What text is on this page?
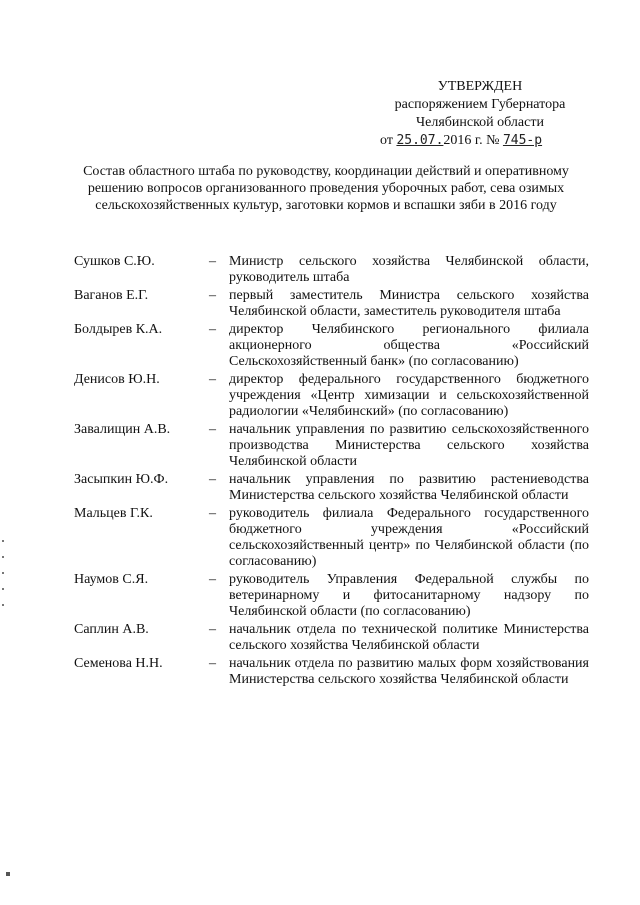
УТВЕРЖДЕН
распоряжением Губернатора
Челябинской области
от 25.07.2016 г. № 745-р
Состав областного штаба по руководству, координации действий и оперативному решению вопросов организованного проведения уборочных работ, сева озимых сельскохозяйственных культур, заготовки кормов и вспашки зяби в 2016 году
Сушков С.Ю.	– Министр сельского хозяйства Челябинской области, руководитель штаба
Ваганов Е.Г.	– первый заместитель Министра сельского хозяйства Челябинской области, заместитель руководителя штаба
Болдырев К.А.	– директор Челябинского регионального филиала акционерного общества «Российский Сельскохозяйственный банк» (по согласованию)
Денисов Ю.Н.	– директор федерального государственного бюджетного учреждения «Центр химизации и сельскохозяйственной радиологии «Челябинский» (по согласованию)
Завалищин А.В.	– начальник управления по развитию сельскохозяйственного производства Министерства сельского хозяйства Челябинской области
Засыпкин Ю.Ф.	– начальник управления по развитию растениеводства Министерства сельского хозяйства Челябинской области
Мальцев Г.К.	– руководитель филиала Федерального государственного бюджетного учреждения «Российский сельскохозяйственный центр» по Челябинской области (по согласованию)
Наумов С.Я.	– руководитель Управления Федеральной службы по ветеринарному и фитосанитарному надзору по Челябинской области (по согласованию)
Саплин А.В.	– начальник отдела по технической политике Министерства сельского хозяйства Челябинской области
Семенова Н.Н.	– начальник отдела по развитию малых форм хозяйствования Министерства сельского хозяйства Челябинской области
